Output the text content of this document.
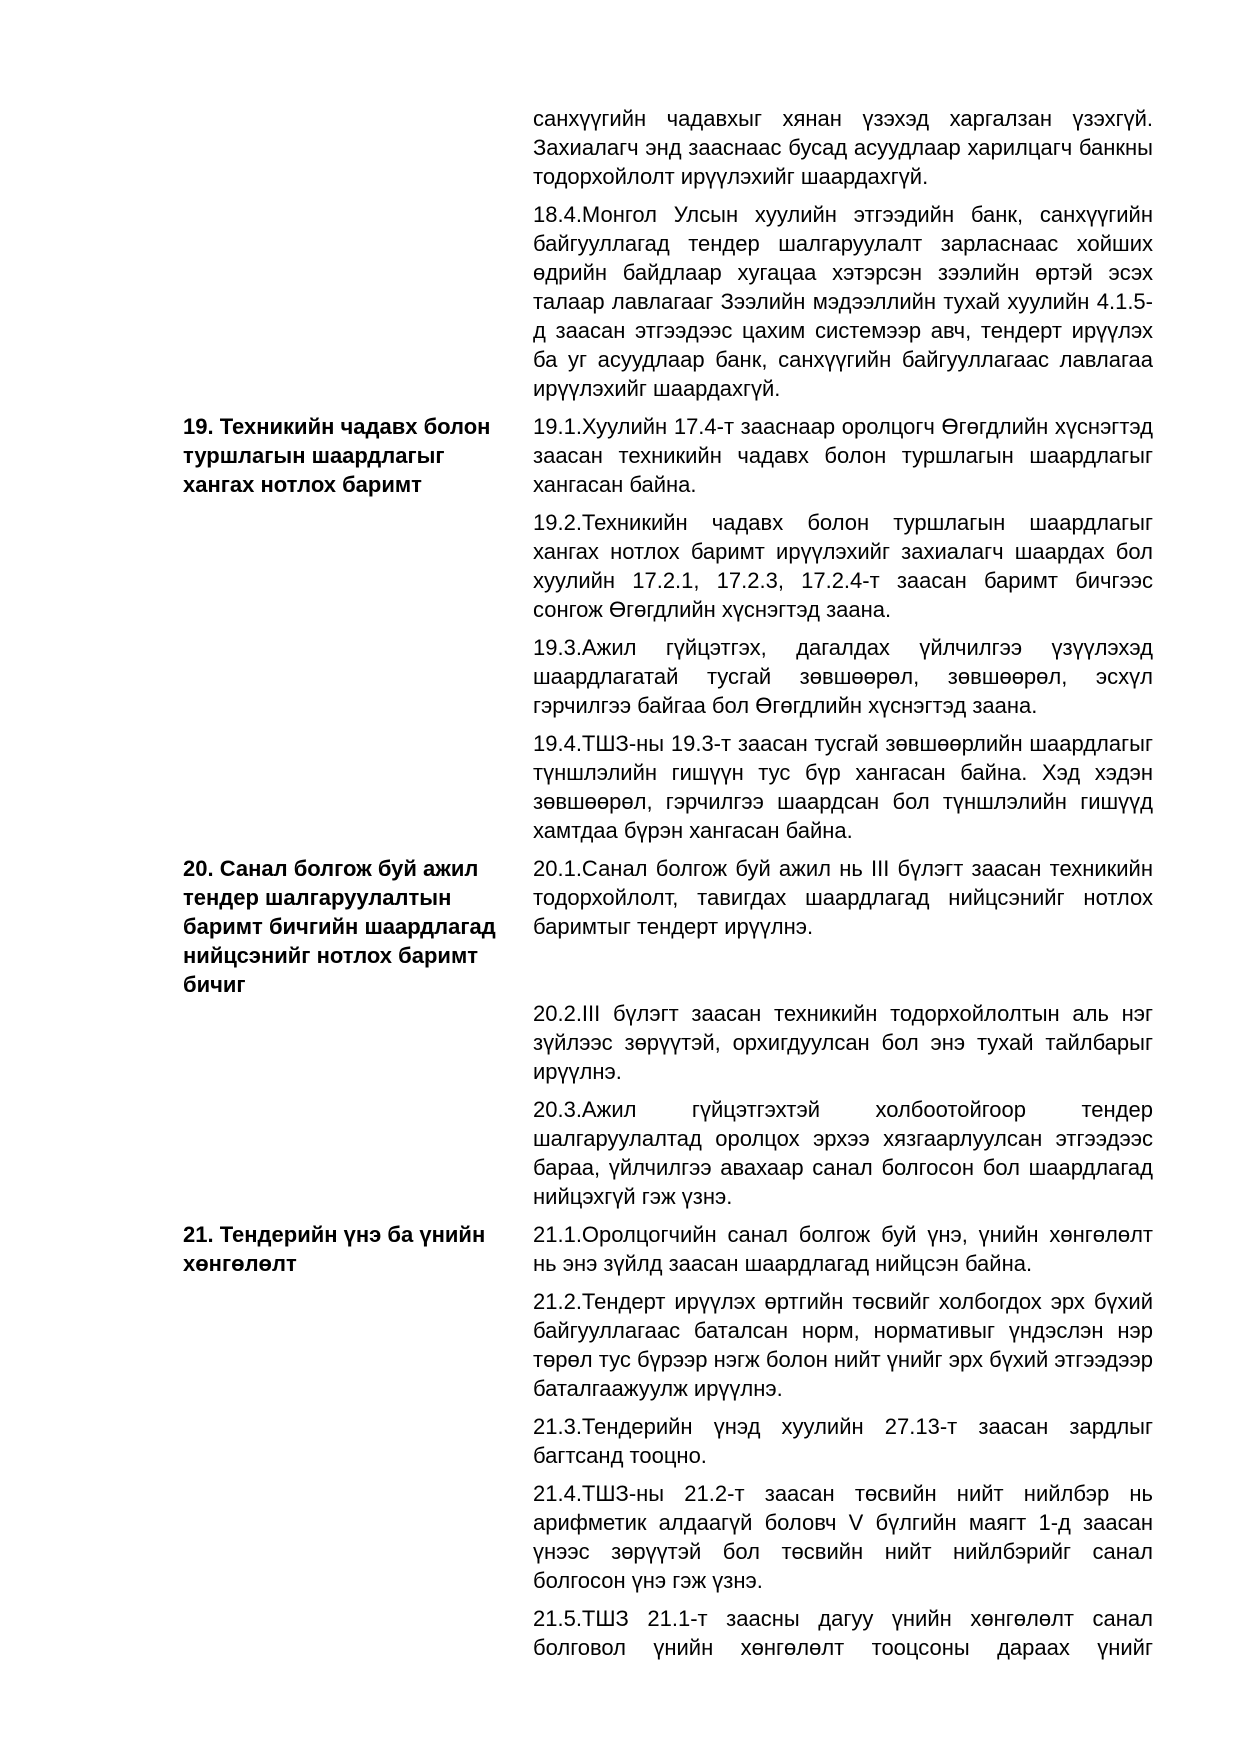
санхүүгийн чадавхыг хянан үзэхэд харгалзан үзэхгүй. Захиалагч энд зааснаас бусад асуудлаар харилцагч банкны тодорхойлолт ирүүлэхийг шаардахгүй.

18.4.Монгол Улсын хуулийн этгээдийн банк, санхүүгийн байгууллагад тендер шалгаруулалт зарласнаас хойших өдрийн байдлаар хугацаа хэтэрсэн зээлийн өртэй эсэх талаар лавлагааг Зээлийн мэдээллийн тухай хуулийн 4.1.5-д заасан этгээдээс цахим системээр авч, тендерт ирүүлэх ба уг асуудлаар банк, санхүүгийн байгууллагаас лавлагаа ирүүлэхийг шаардахгүй.

19. Техникийн чадавх болон туршлагын шаардлагыг хангах нотлох баримт

19.1.Хуулийн 17.4-т зааснаар оролцогч Өгөгдлийн хүснэгтэд заасан техникийн чадавх болон туршлагын шаардлагыг хангасан байна.

19.2.Техникийн чадавх болон туршлагын шаардлагыг хангах нотлох баримт ирүүлэхийг захиалагч шаардах бол хуулийн 17.2.1, 17.2.3, 17.2.4-т заасан баримт бичгээс сонгож Өгөгдлийн хүснэгтэд заана.

19.3.Ажил гүйцэтгэх, дагалдах үйлчилгээ үзүүлэхэд шаардлагатай тусгай зөвшөөрөл, зөвшөөрөл, эсхүл гэрчилгээ байгаа бол Өгөгдлийн хүснэгтэд заана.

19.4.ТШЗ-ны 19.3-т заасан тусгай зөвшөөрлийн шаардлагыг түншлэлийн гишүүн тус бүр хангасан байна. Хэд хэдэн зөвшөөрөл, гэрчилгээ шаардсан бол түншлэлийн гишүүд хамтдаа бүрэн хангасан байна.

20. Санал болгож буй ажил тендер шалгаруулалтын баримт бичгийн шаардлагад нийцсэнийг нотлох баримт бичиг

20.1.Санал болгож буй ажил нь III бүлэгт заасан техникийн тодорхойлолт, тавигдах шаардлагад нийцсэнийг нотлох баримтыг тендерт ирүүлнэ.

20.2.III бүлэгт заасан техникийн тодорхойлолтын аль нэг зүйлээс зөрүүтэй, орхигдуулсан бол энэ тухай тайлбарыг ирүүлнэ.

20.3.Ажил гүйцэтгэхтэй холбоотойгоор тендер шалгаруулалтад оролцох эрхээ хязгаарлуулсан этгээдээс бараа, үйлчилгээ авахаар санал болгосон бол шаардлагад нийцэхгүй гэж үзнэ.

21. Тендерийн үнэ ба үнийн хөнгөлөлт

21.1.Оролцогчийн санал болгож буй үнэ, үнийн хөнгөлөлт нь энэ зүйлд заасан шаардлагад нийцсэн байна.

21.2.Тендерт ирүүлэх өртгийн төсвийг холбогдох эрх бүхий байгууллагаас баталсан норм, нормативыг үндэслэн нэр төрөл тус бүрээр нэгж болон нийт үнийг эрх бүхий этгээдээр баталгаажуулж ирүүлнэ.

21.3.Тендерийн үнэд хуулийн 27.13-т заасан зардлыг багтсанд тооцно.

21.4.ТШЗ-ны 21.2-т заасан төсвийн нийт нийлбэр нь арифметик алдаагүй боловч V бүлгийн маягт 1-д заасан үнээс зөрүүтэй бол төсвийн нийт нийлбэрийг санал болгосон үнэ гэж үзнэ.

21.5.ТШЗ 21.1-т заасны дагуу үнийн хөнгөлөлт санал болговол үнийн хөнгөлөлт тооцсоны дараах үнийг
